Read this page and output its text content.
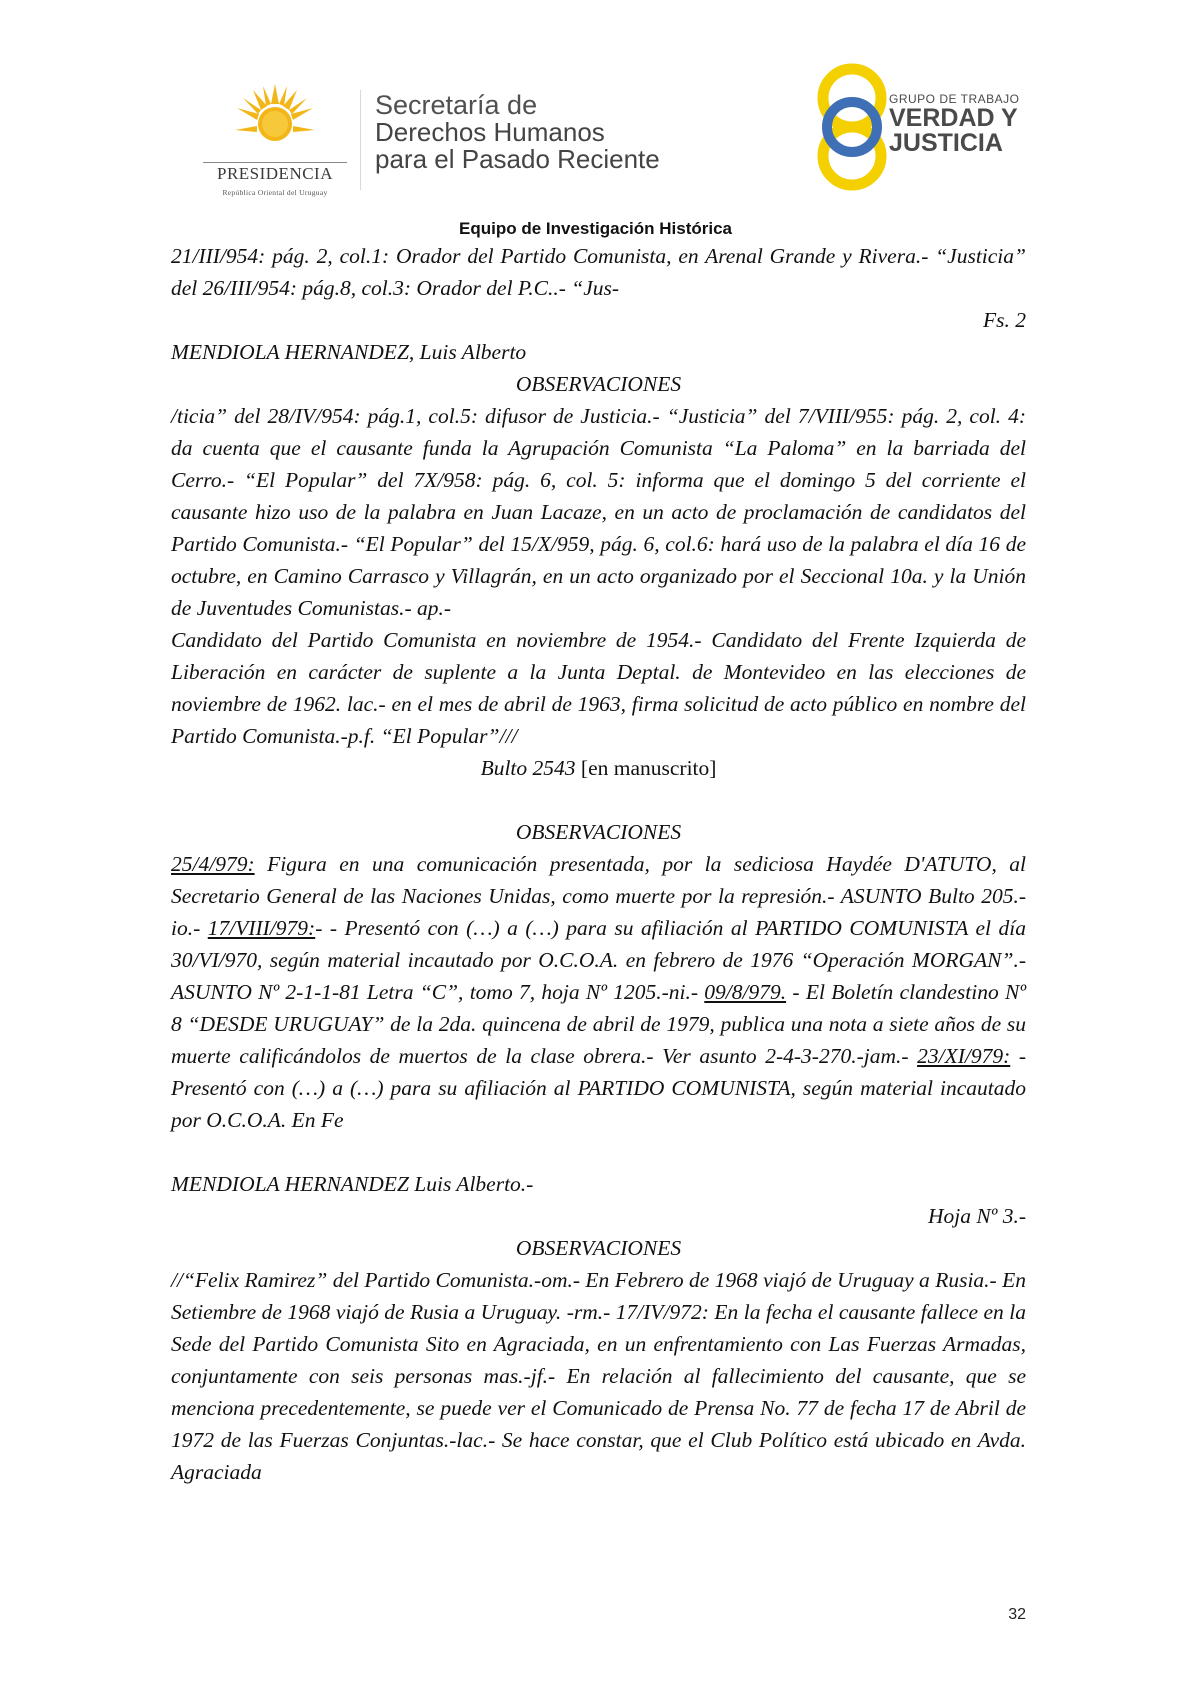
PRESIDENCIA
República Oriental del Uruguay
Secretaría de
Derechos Humanos
para el Pasado Reciente
GRUPO DE TRABAJO
VERDAD Y
JUSTICIA
Equipo de Investigación Histórica

21/III/954: pág. 2, col.1: Orador del Partido Comunista, en Arenal Grande y Rivera.- “Justicia” del 26/III/954: pág.8, col.3: Orador del P.C..- “Jus-

Fs. 2

MENDIOLA HERNANDEZ, Luis Alberto

OBSERVACIONES

/ticia” del 28/IV/954: pág.1, col.5: difusor de Justicia.- “Justicia” del 7/VIII/955: pág. 2, col. 4: da cuenta que el causante funda la Agrupación Comunista “La Paloma” en la barriada del Cerro.- “El Popular” del 7X/958: pág. 6, col. 5: informa que el domingo 5 del corriente el causante hizo uso de la palabra en Juan Lacaze, en un acto de proclamación de candidatos del Partido Comunista.- “El Popular” del 15/X/959, pág. 6, col.6: hará uso de la palabra el día 16 de octubre, en Camino Carrasco y Villagrán, en un acto organizado por el Seccional 10a. y la Unión de Juventudes Comunistas.- ap.-

Candidato del Partido Comunista en noviembre de 1954.- Candidato del Frente Izquierda de Liberación en carácter de suplente a la Junta Deptal. de Montevideo en las elecciones de noviembre de 1962. lac.- en el mes de abril de 1963, firma solicitud de acto público en nombre del Partido Comunista.-p.f. “El Popular”///

Bulto 2543 [en manuscrito]

OBSERVACIONES

25/4/979: Figura en una comunicación presentada, por la sediciosa Haydée D'ATUTO, al Secretario General de las Naciones Unidas, como muerte por la represión.- ASUNTO Bulto 205.-io.- 17/VIII/979:- - Presentó con (…) a (…) para su afiliación al PARTIDO COMUNISTA el día 30/VI/970, según material incautado por O.C.O.A. en febrero de 1976 “Operación MORGAN”.- ASUNTO Nº 2-1-1-81 Letra “C”, tomo 7, hoja Nº 1205.-ni.- 09/8/979. - El Boletín clandestino Nº 8 “DESDE URUGUAY” de la 2da. quincena de abril de 1979, publica una nota a siete años de su muerte calificándolos de muertos de la clase obrera.- Ver asunto 2-4-3-270.-jam.- 23/XI/979: - Presentó con (…) a (…) para su afiliación al PARTIDO COMUNISTA, según material incautado por O.C.O.A. En Fe

MENDIOLA HERNANDEZ Luis Alberto.-

Hoja Nº 3.-

OBSERVACIONES

//“Felix Ramirez” del Partido Comunista.-om.- En Febrero de 1968 viajó de Uruguay a Rusia.- En Setiembre de 1968 viajó de Rusia a Uruguay. -rm.- 17/IV/972: En la fecha el causante fallece en la Sede del Partido Comunista Sito en Agraciada, en un enfrentamiento con Las Fuerzas Armadas, conjuntamente con seis personas mas.-jf.- En relación al fallecimiento del causante, que se menciona precedentemente, se puede ver el Comunicado de Prensa No. 77 de fecha 17 de Abril de 1972 de las Fuerzas Conjuntas.-lac.- Se hace constar, que el Club Político está ubicado en Avda. Agraciada

32
